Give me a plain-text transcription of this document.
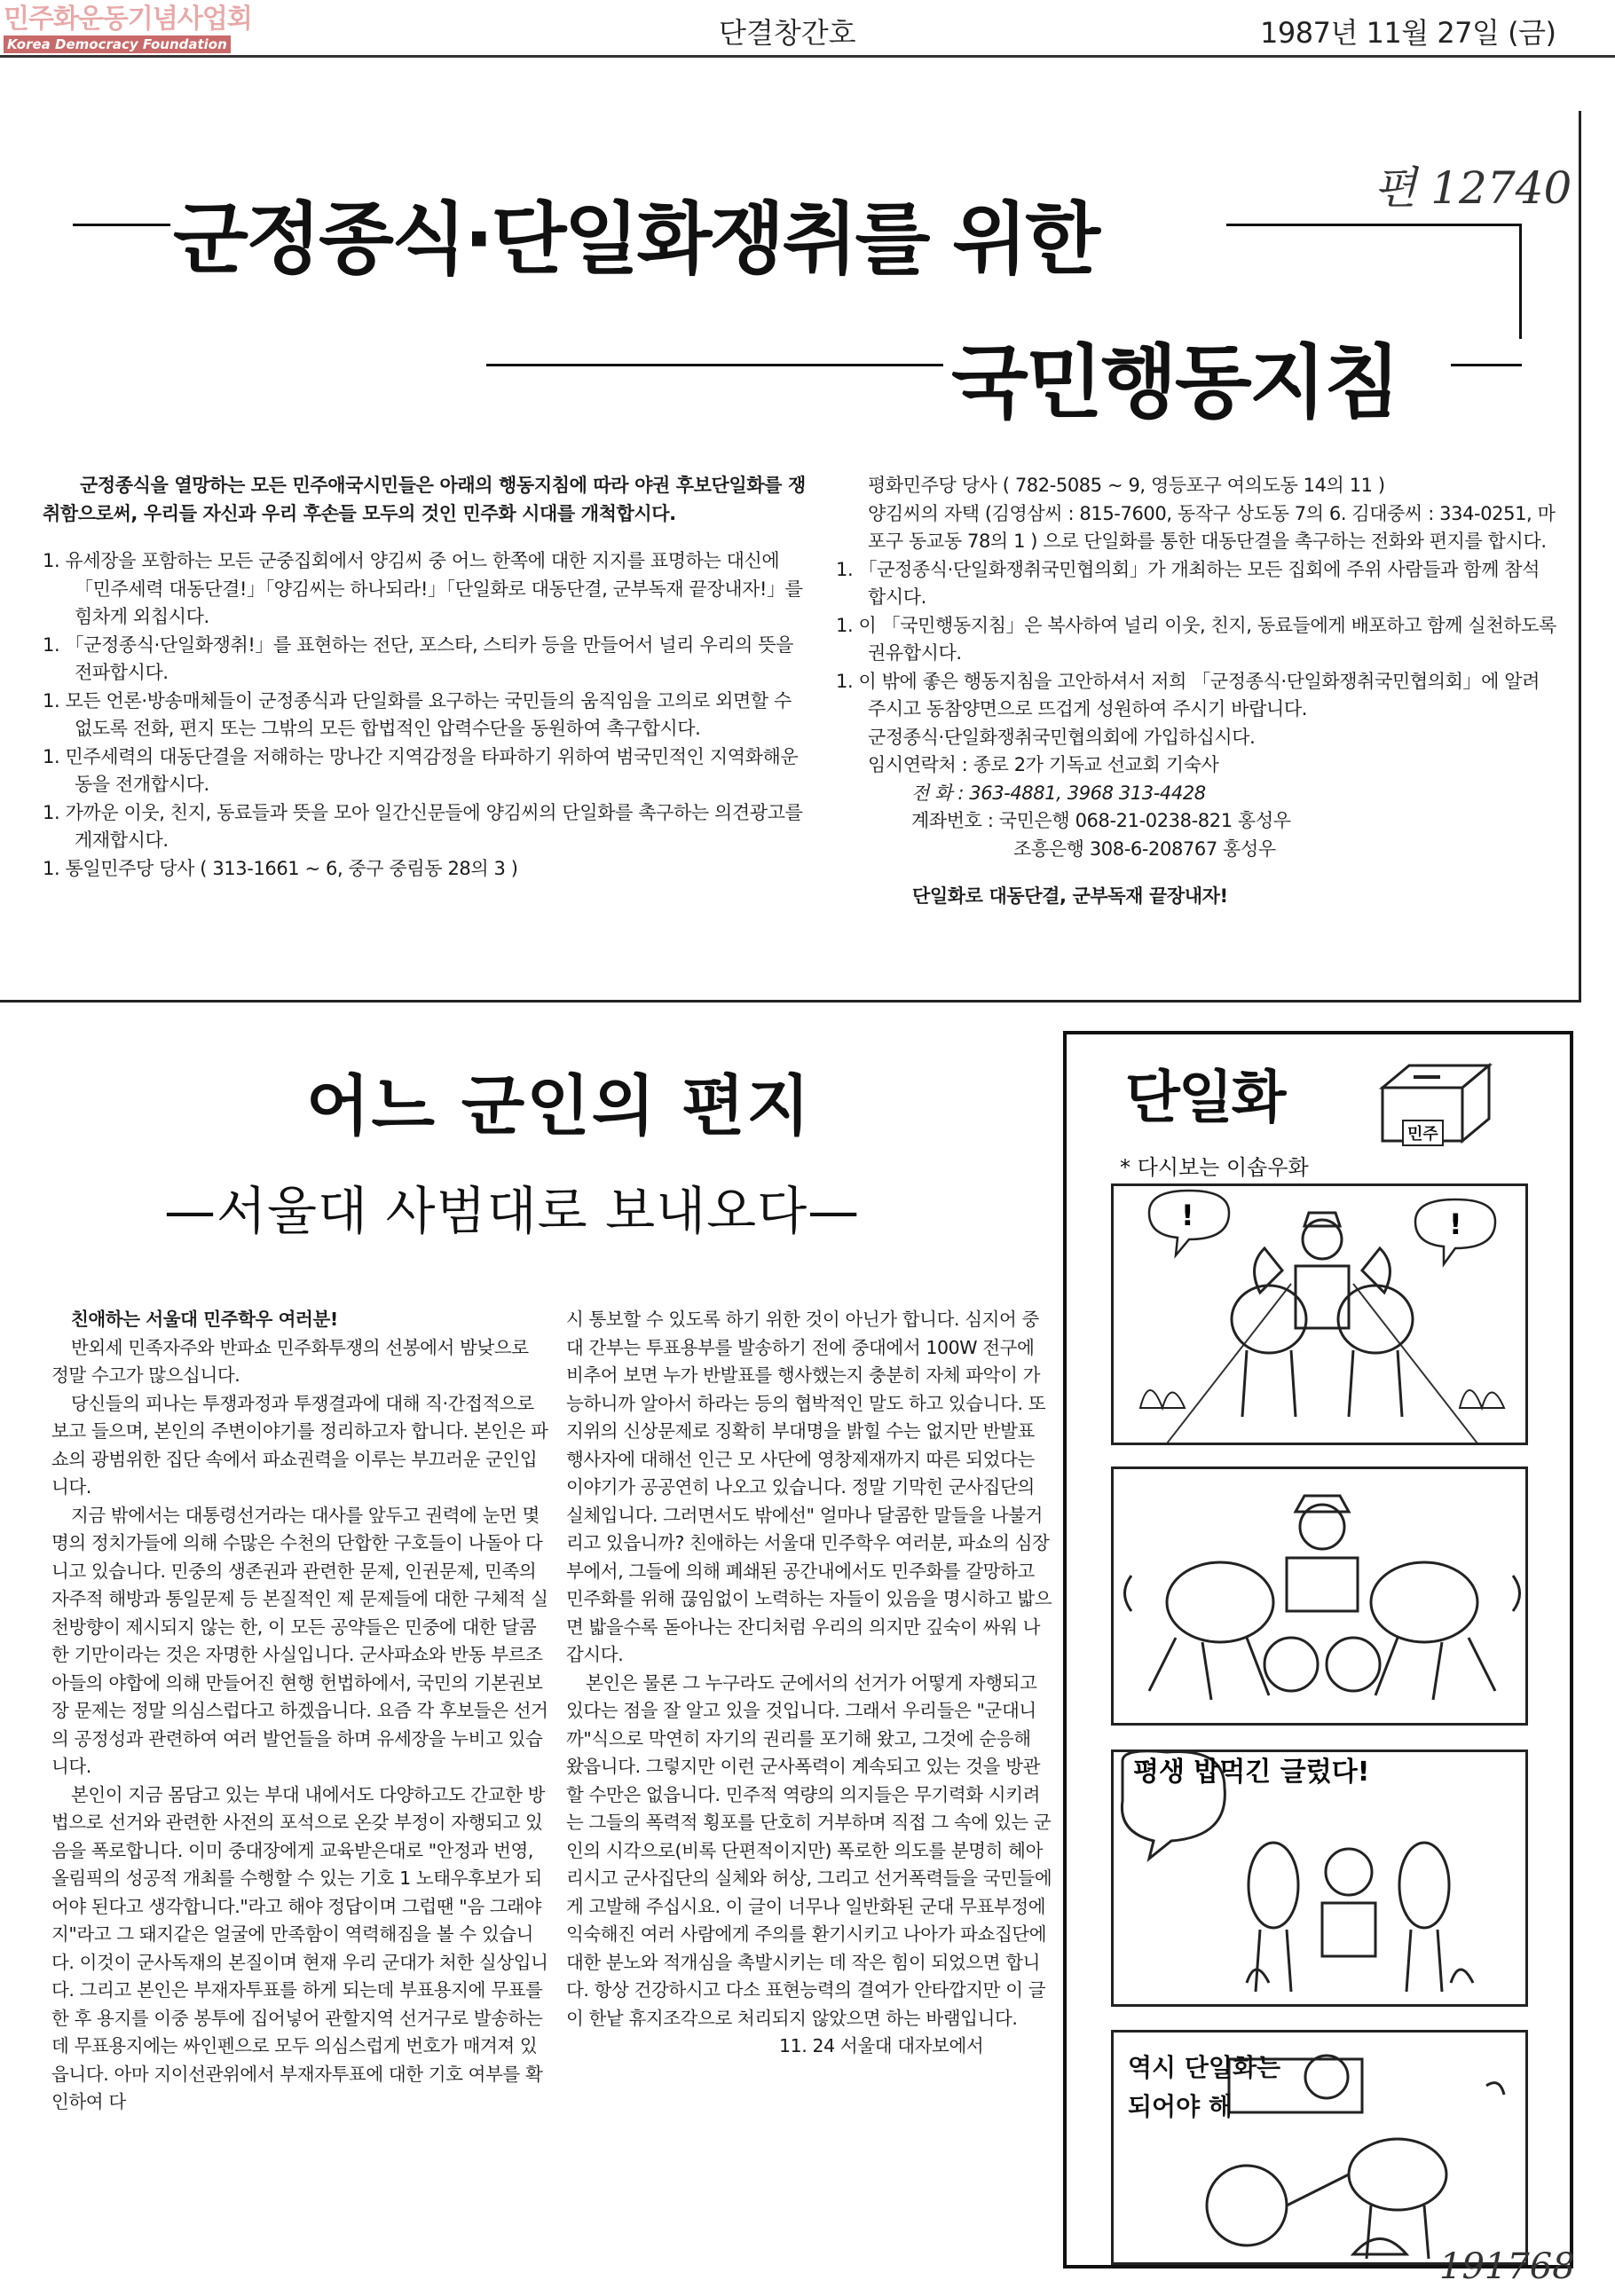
민주화운동기념사업회
Korea Democracy Foundation	단결창간호	1987년 11월 27일 (금)
편 12740
군정종식·단일화쟁취를 위한
국민행동지침
군정종식을 열망하는 모든 민주애국시민들은 아래의 행동지침에 따라 야권 후보단일화를 쟁취함으로써, 우리들 자신과 우리 후손들 모두의 것인 민주화 시대를 개척합시다.
1. 유세장을 포함하는 모든 군중집회에서 양김씨 중 어느 한쪽에 대한 지지를 표명하는 대신에 「민주세력 대동단결!」「양김씨는 하나되라!」「단일화로 대동단결, 군부독재 끝장내자!」를 힘차게 외칩시다.
1. 「군정종식·단일화쟁취!」를 표현하는 전단, 포스타, 스티카 등을 만들어서 널리 우리의 뜻을 전파합시다.
1. 모든 언론·방송매체들이 군정종식과 단일화를 요구하는 국민들의 움직임을 고의로 외면할 수 없도록 전화, 편지 또는 그밖의 모든 합법적인 압력수단을 동원하여 촉구합시다.
1. 민주세력의 대동단결을 저해하는 망나간 지역감정을 타파하기 위하여 범국민적인 지역화해운동을 전개합시다.
1. 가까운 이웃, 친지, 동료들과 뜻을 모아 일간신문들에 양김씨의 단일화를 촉구하는 의견광고를 게재합시다.
1. 통일민주당 당사 ( 313-1661 ~ 6, 중구 중림동 28의 3 )
평화민주당 당사 ( 782-5085 ~ 9, 영등포구 여의도동 14의 11 )
양김씨의 자택 (김영삼씨 : 815-7600, 동작구 상도동 7의 6. 김대중씨 : 334-0251, 마포구 동교동 78의 1 ) 으로 단일화를 통한 대동단결을 촉구하는 전화와 편지를 합시다.
1. 「군정종식·단일화쟁취국민협의회」가 개최하는 모든 집회에 주위 사람들과 함께 참석합시다.
1. 이 「국민행동지침」은 복사하여 널리 이웃, 친지, 동료들에게 배포하고 함께 실천하도록 권유합시다.
1. 이 밖에 좋은 행동지침을 고안하셔서 저희 「군정종식·단일화쟁취국민협의회」에 알려주시고 동참양면으로 뜨겁게 성원하여 주시기 바랍니다.
군정종식·단일화쟁취국민협의회에 가입하십시다.
임시연락처 : 종로 2가 기독교 선교회 기숙사
전 화 : 363-4881, 3968 313-4428
계좌번호 : 국민은행 068-21-0238-821 홍성우
조흥은행 308-6-208767 홍성우
단일화로 대동단결, 군부독재 끝장내자!
어느 군인의 편지
—서울대 사범대로 보내오다—
친애하는 서울대 민주학우 여러분!
반외세 민족자주와 반파쇼 민주화투쟁의 선봉에서 밤낮으로 정말 수고가 많으십니다.
당신들의 피나는 투쟁과정과 투쟁결과에 대해 직·간접적으로 보고 들으며, 본인의 주변이야기를 정리하고자 합니다. 본인은 파쇼의 광범위한 집단 속에서 파쇼권력을 이루는 부끄러운 군인입니다.
지금 밖에서는 대통령선거라는 대사를 앞두고 권력에 눈먼 몇 명의 정치가들에 의해 수많은 수천의 단합한 구호들이 나돌아 다니고 있습니다. 민중의 생존권과 관련한 문제, 인권문제, 민족의 자주적 해방과 통일문제 등 본질적인 제 문제들에 대한 구체적 실천방향이 제시되지 않는 한, 이 모든 공약들은 민중에 대한 달콤한 기만이라는 것은 자명한 사실입니다. 군사파쇼와 반동 부르조아들의 야합에 의해 만들어진 현행 헌법하에서, 국민의 기본권보장 문제는 정말 의심스럽다고 하겠읍니다. 요즘 각 후보들은 선거의 공정성과 관련하여 여러 발언들을 하며 유세장을 누비고 있습니다.
본인이 지금 몸담고 있는 부대 내에서도 다양하고도 간교한 방법으로 선거와 관련한 사전의 포석으로 온갖 부정이 자행되고 있음을 폭로합니다. 이미 중대장에게 교육받은대로 "안정과 번영, 올림픽의 성공적 개최를 수행할 수 있는 기호 1 노태우후보가 되어야 된다고 생각합니다."라고 해야 정답이며 그럽땐 "음 그래야지"라고 그 돼지같은 얼굴에 만족함이 역력해짐을 볼 수 있습니다. 이것이 군사독재의 본질이며 현재 우리 군대가 처한 실상입니다. 그리고 본인은 부재자투표를 하게 되는데 부표용지에 무표를 한 후 용지를 이중 봉투에 집어넣어 관할지역 선거구로 발송하는 데 무표용지에는 싸인펜으로 모두 의심스럽게 번호가 매겨져 있읍니다. 아마 지이선관위에서 부재자투표에 대한 기호 여부를 확인하여 다
시 통보할 수 있도록 하기 위한 것이 아닌가 합니다. 심지어 중대 간부는 투표용부를 발송하기 전에 중대에서 100W 전구에 비추어 보면 누가 반발표를 행사했는지 충분히 자체 파악이 가능하니까 알아서 하라는 등의 협박적인 말도 하고 있습니다. 또 지위의 신상문제로 징확히 부대명을 밝힐 수는 없지만 반발표 행사자에 대해선 인근 모 사단에 영창제재까지 따른 되었다는 이야기가 공공연히 나오고 있습니다. 정말 기막힌 군사집단의 실체입니다. 그러면서도 밖에선" 얼마나 달콤한 말들을 나불거리고 있읍니까? 친애하는 서울대 민주학우 여러분, 파쇼의 심장부에서, 그들에 의해 폐쇄된 공간내에서도 민주화를 갈망하고 민주화를 위해 끊임없이 노력하는 자들이 있음을 명시하고 밟으면 밟을수록 돋아나는 잔디처럼 우리의 의지만 깊숙이 싸워 나갑시다.
본인은 물론 그 누구라도 군에서의 선거가 어떻게 자행되고 있다는 점을 잘 알고 있을 것입니다. 그래서 우리들은 "군대니까"식으로 막연히 자기의 권리를 포기해 왔고, 그것에 순응해 왔읍니다. 그렇지만 이런 군사폭력이 계속되고 있는 것을 방관할 수만은 없읍니다. 민주적 역량의 의지들은 무기력화 시키려는 그들의 폭력적 횡포를 단호히 거부하며 직접 그 속에 있는 군인의 시각으로(비록 단편적이지만) 폭로한 의도를 분명히 헤아리시고 군사집단의 실체와 허상, 그리고 선거폭력들을 국민들에게 고발해 주십시요. 이 글이 너무나 일반화된 군대 무표부정에 익숙해진 여러 사람에게 주의를 환기시키고 나아가 파쇼집단에 대한 분노와 적개심을 촉발시키는 데 작은 힘이 되었으면 합니다. 항상 건강하시고 다소 표현능력의 결여가 안타깝지만 이 글이 한낱 휴지조각으로 처리되지 않았으면 하는 바램입니다.
11. 24 서울대 대자보에서
!	!
평생 밥먹긴 글렀다!
역시 단일화는 되어야 해
민주
단일화
* 다시보는 이솝우화
191768
